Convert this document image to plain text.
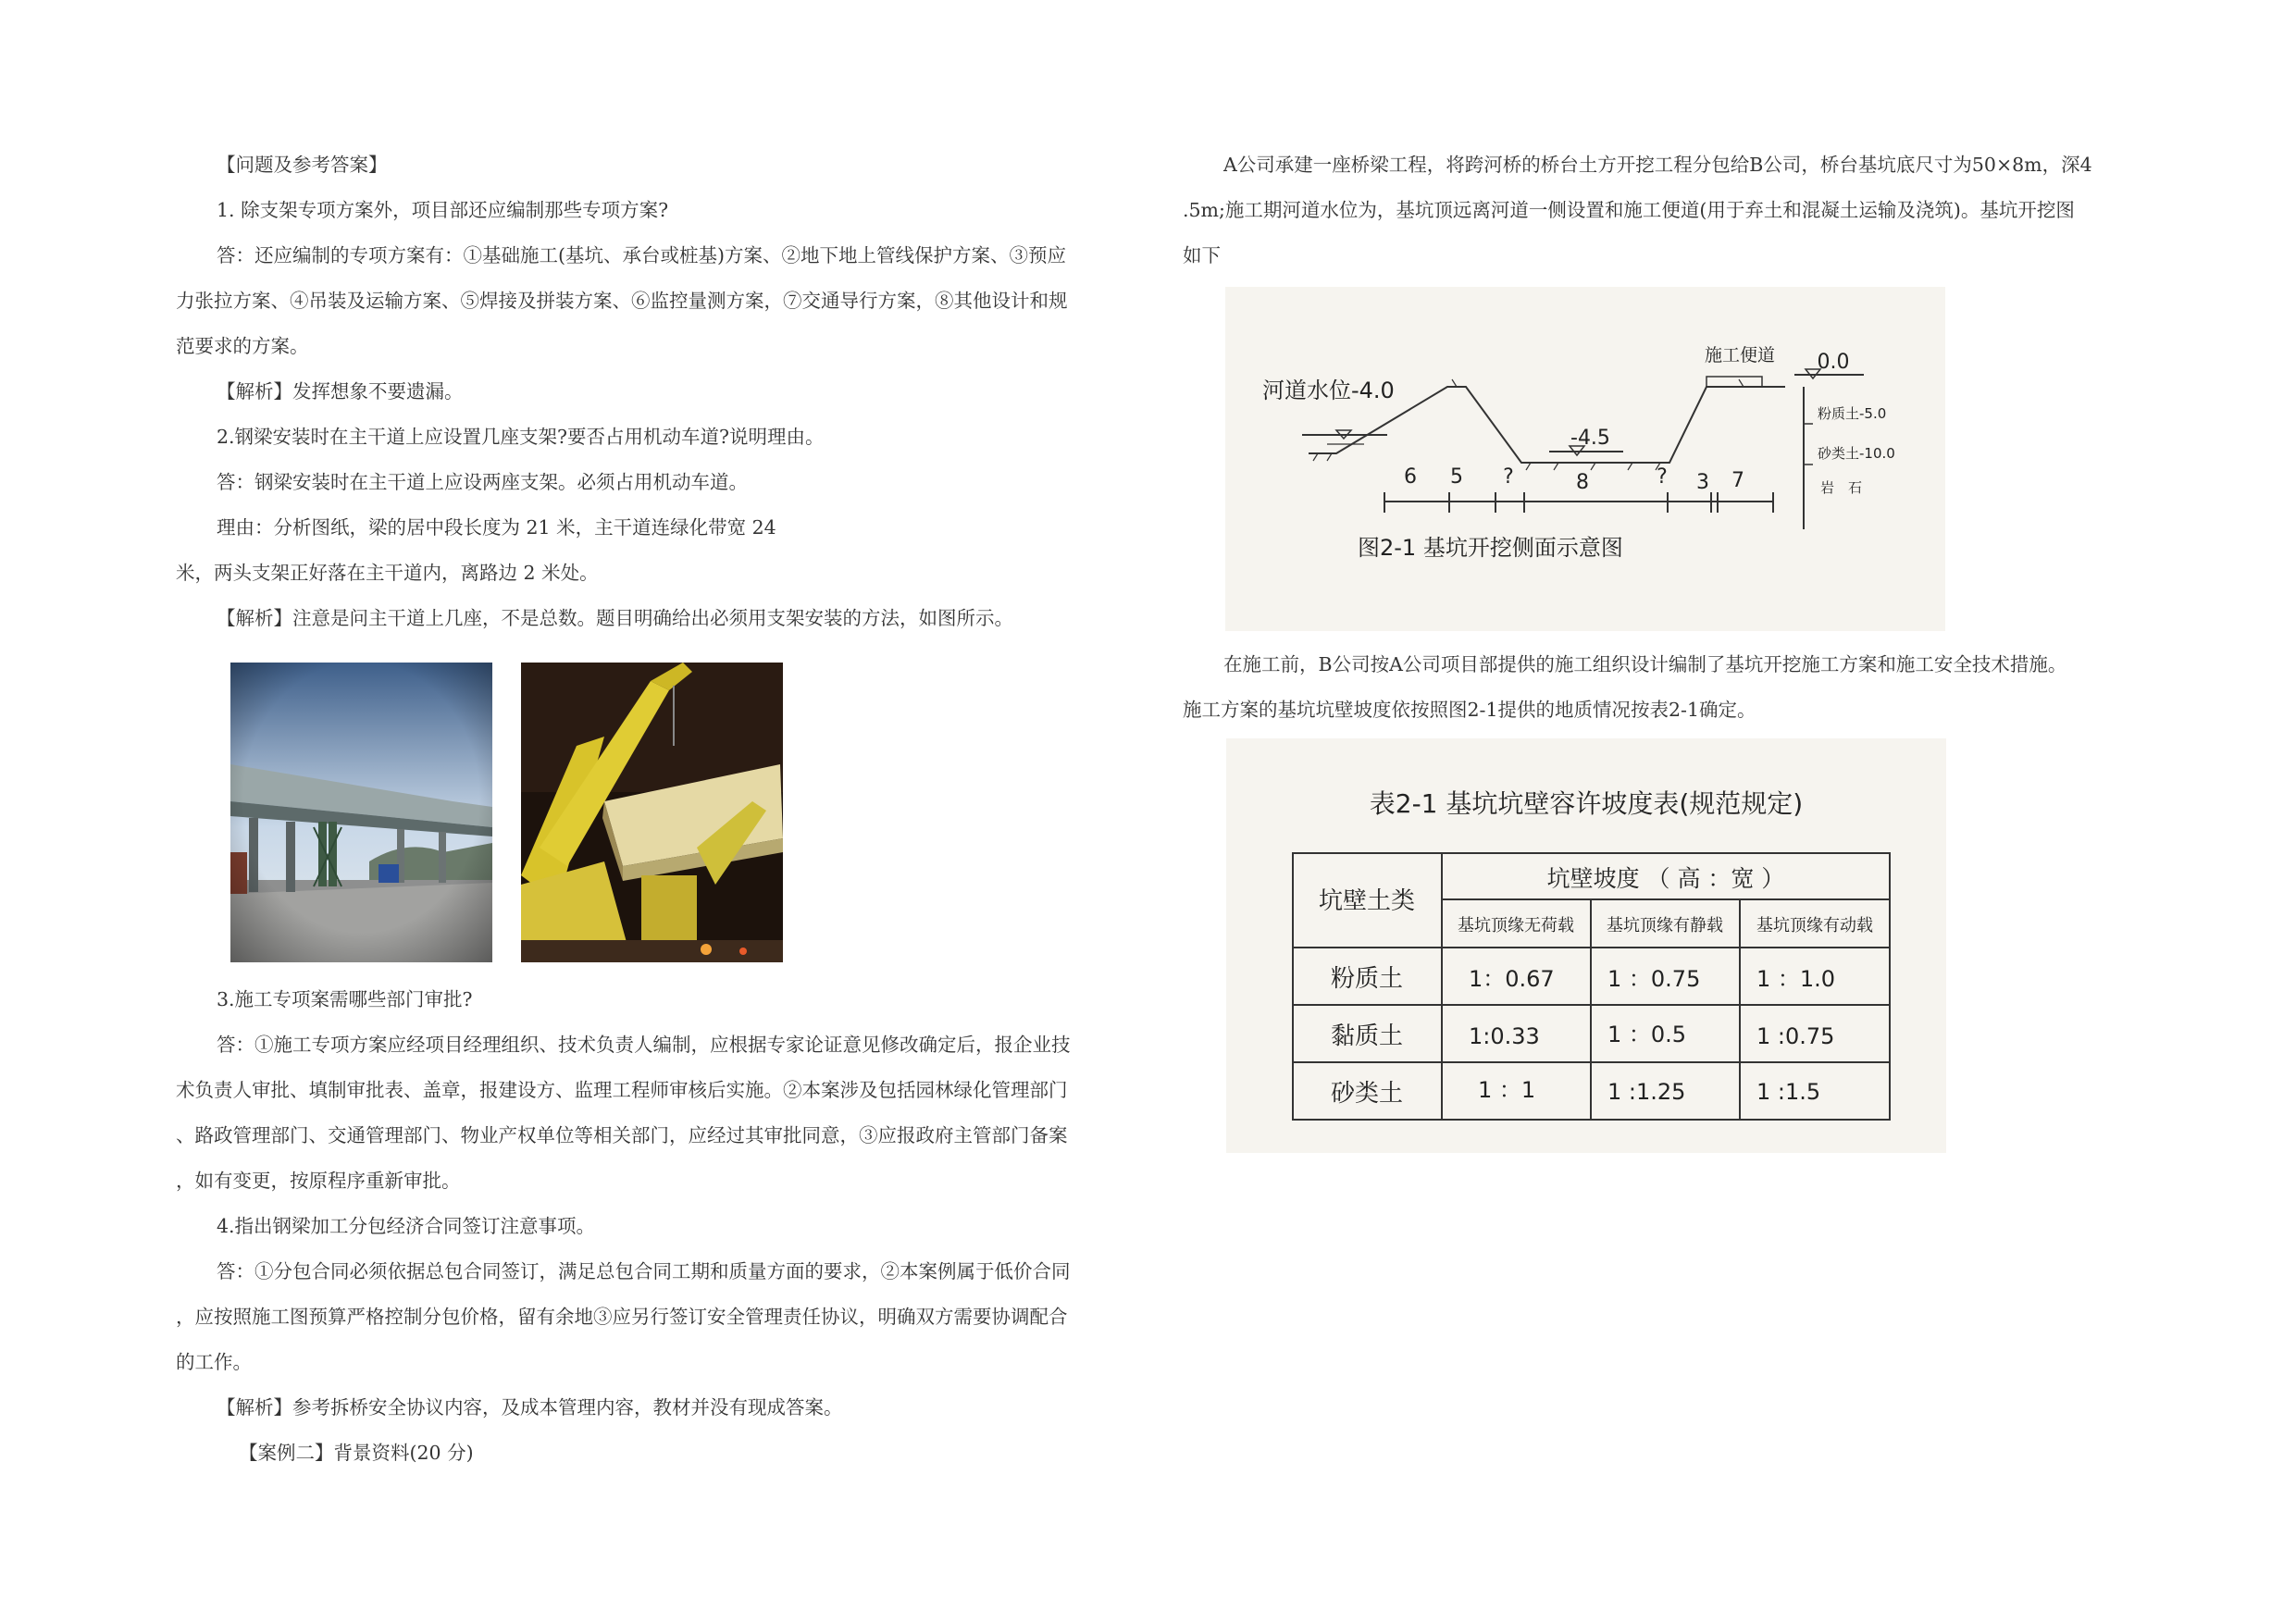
【问题及参考答案】

1. 除支架专项方案外，项目部还应编制那些专项方案?

答：还应编制的专项方案有：①基础施工(基坑、承台或桩基)方案、②地下地上管线保护方案、③预应

力张拉方案、④吊装及运输方案、⑤焊接及拼装方案、⑥监控量测方案，⑦交通导行方案，⑧其他设计和规

范要求的方案。

【解析】发挥想象不要遗漏。

2.钢梁安装时在主干道上应设置几座支架?要否占用机动车道?说明理由。

答：钢梁安装时在主干道上应设两座支架。必须占用机动车道。

理由：分析图纸，梁的居中段长度为 21 米，主干道连绿化带宽 24

米，两头支架正好落在主干道内，离路边 2 米处。

【解析】注意是问主干道上几座，不是总数。题目明确给出必须用支架安装的方法，如图所示。

3.施工专项案需哪些部门审批?

答：①施工专项方案应经项目经理组织、技术负责人编制，应根据专家论证意见修改确定后，报企业技

术负责人审批、填制审批表、盖章，报建设方、监理工程师审核后实施。②本案涉及包括园林绿化管理部门

、路政管理部门、交通管理部门、物业产权单位等相关部门，应经过其审批同意，③应报政府主管部门备案

，如有变更，按原程序重新审批。

4.指出钢梁加工分包经济合同签订注意事项。

答：①分包合同必须依据总包合同签订，满足总包合同工期和质量方面的要求，②本案例属于低价合同

，应按照施工图预算严格控制分包价格，留有余地③应另行签订安全管理责任协议，明确双方需要协调配合

的工作。

【解析】参考拆桥安全协议内容，及成本管理内容，教材并没有现成答案。

【案例二】背景资料(20 分)

A公司承建一座桥梁工程，将跨河桥的桥台土方开挖工程分包给B公司，桥台基坑底尺寸为50×8m，深4

.5m;施工期河道水位为，基坑顶远离河道一侧设置和施工便道(用于弃土和混凝土运输及浇筑)。基坑开挖图

如下

在施工前，B公司按A公司项目部提供的施工组织设计编制了基坑开挖施工方案和施工安全技术措施。

施工方案的基坑坑壁坡度依按照图2-1提供的地质情况按表2-1确定。

河道水位-4.0
施工便道 0.0
-4.5
粉质土-5.0
砂类土-10.0
岩　石
6 5 ?	8	? 3 7
图2-1 基坑开挖侧面示意图
表2-1 基坑坑壁容许坡度表(规范规定)
坑壁土类
坑壁坡度 （ 高 ：宽 ）
基坑顶缘无荷载 基坑顶缘有静载 基坑顶缘有动载
粉质土	1：0.67 1 ：0.75	1 ：1.0
黏质土	1:0.33	1 ：0.5	1 :0.75
砂类土	1 ：1	1 :1.25	1 :1.5
